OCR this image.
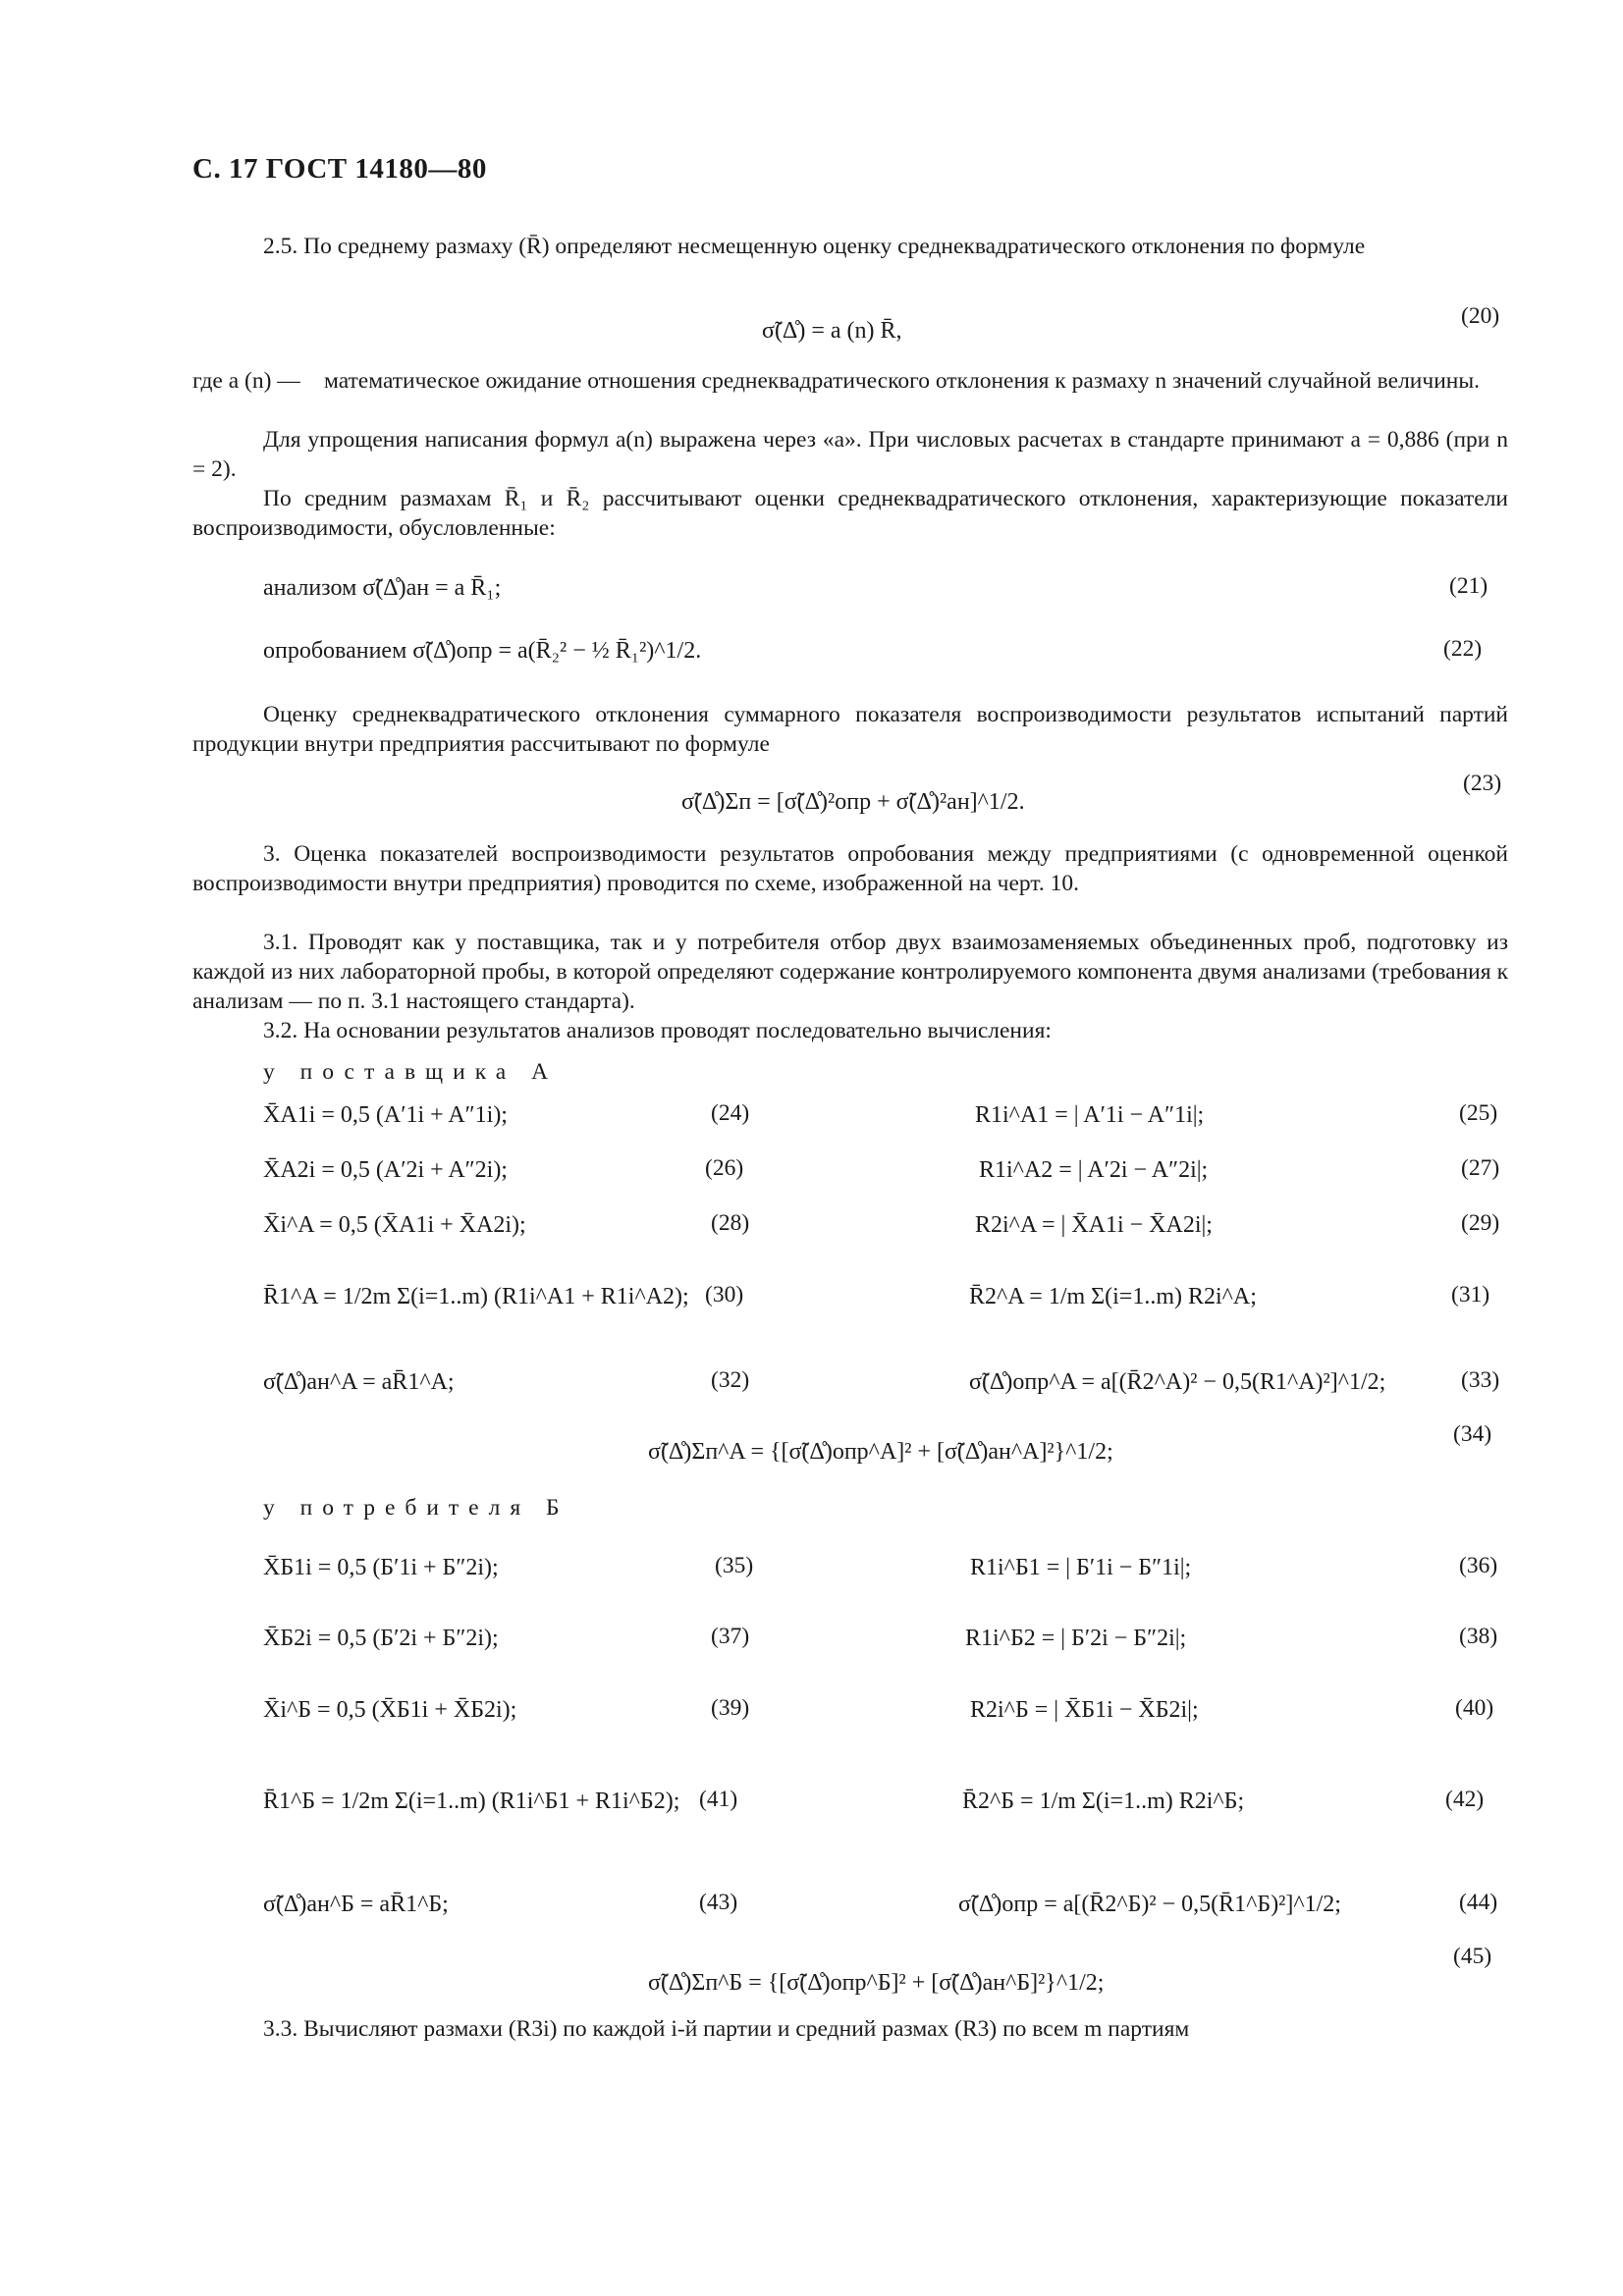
С. 17 ГОСТ 14180—80
2.5. По среднему размаху (R̄) определяют несмещенную оценку среднеквадратического отклонения по формуле
σ̃(Δ̊) = a (n) R̄,
(20)
где a (n) — математическое ожидание отношения среднеквадратического отклонения к размаху n значений случайной величины.
Для упрощения написания формул a(n) выражена через «a». При числовых расчетах в стандарте принимают a = 0,886 (при n = 2).
По средним размахам R̄₁ и R̄₂ рассчитывают оценки среднеквадратического отклонения, характеризующие показатели воспроизводимости, обусловленные:
анализом σ̃(Δ̊)ан = a R̄₁;	(21)
опробованием σ̃(Δ̊)опр = a(R̄₂² − ½ R̄₁²)^1/2.	(22)
Оценку среднеквадратического отклонения суммарного показателя воспроизводимости результатов испытаний партий продукции внутри предприятия рассчитывают по формуле
σ̃(Δ̊)Σп = [σ̃(Δ̊)²опр + σ̃(Δ̊)²ан]^1/2.
(23)
3. Оценка показателей воспроизводимости результатов опробования между предприятиями (с одновременной оценкой воспроизводимости внутри предприятия) проводится по схеме, изображенной на черт. 10.
3.1. Проводят как у поставщика, так и у потребителя отбор двух взаимозаменяемых объединенных проб, подготовку из каждой из них лабораторной пробы, в которой определяют содержание контролируемого компонента двумя анализами (требования к анализам — по п. 3.1 настоящего стандарта).
3.2. На основании результатов анализов проводят последовательно вычисления:
у поставщика А
X̄A1i = 0,5 (A′1i + A″1i);	(24)	R1i^A1 = | A′1i − A″1i|;	(25)
X̄A2i = 0,5 (A′2i + A″2i);	(26)	R1i^A2 = | A′2i − A″2i|;	(27)
X̄i^A = 0,5 (X̄A1i + X̄A2i);	(28)	R2i^A = | X̄A1i − X̄A2i|;	(29)
R̄1^A = 1/2m Σ(i=1..m) (R1i^A1 + R1i^A2); (30)	R̄2^A = 1/m Σ(i=1..m) R2i^A;	(31)
σ̃(Δ̊)ан^A = aR̄1^A;	(32)	σ̃(Δ̊)опр^A = a[(R̄2^A)² − 0,5(R1^A)²]^1/2;	(33)
σ̃(Δ̊)Σп^A = {[σ̃(Δ̊)опр^A]² + [σ̃(Δ̊)ан^A]²}^1/2;
(34)
у потребителя Б
X̄Б1i = 0,5 (Б′1i + Б″2i);	(35)	R1i^Б1 = | Б′1i − Б″1i|;	(36)
X̄Б2i = 0,5 (Б′2i + Б″2i);	(37)	R1i^Б2 = | Б′2i − Б″2i|;	(38)
X̄i^Б = 0,5 (X̄Б1i + X̄Б2i);	(39)	R2i^Б = | X̄Б1i − X̄Б2i|;	(40)
R̄1^Б = 1/2m Σ(i=1..m) (R1i^Б1 + R1i^Б2); (41)	R̄2^Б = 1/m Σ(i=1..m) R2i^Б;	(42)
σ̃(Δ̊)ан^Б = aR̄1^Б;	(43)	σ̃(Δ̊)опр = a[(R̄2^Б)² − 0,5(R̄1^Б)²]^1/2;	(44)
σ̃(Δ̊)Σп^Б = {[σ̃(Δ̊)опр^Б]² + [σ̃(Δ̊)ан^Б]²}^1/2;
(45)
3.3. Вычисляют размахи (R3i) по каждой i-й партии и средний размах (R3) по всем m партиям
